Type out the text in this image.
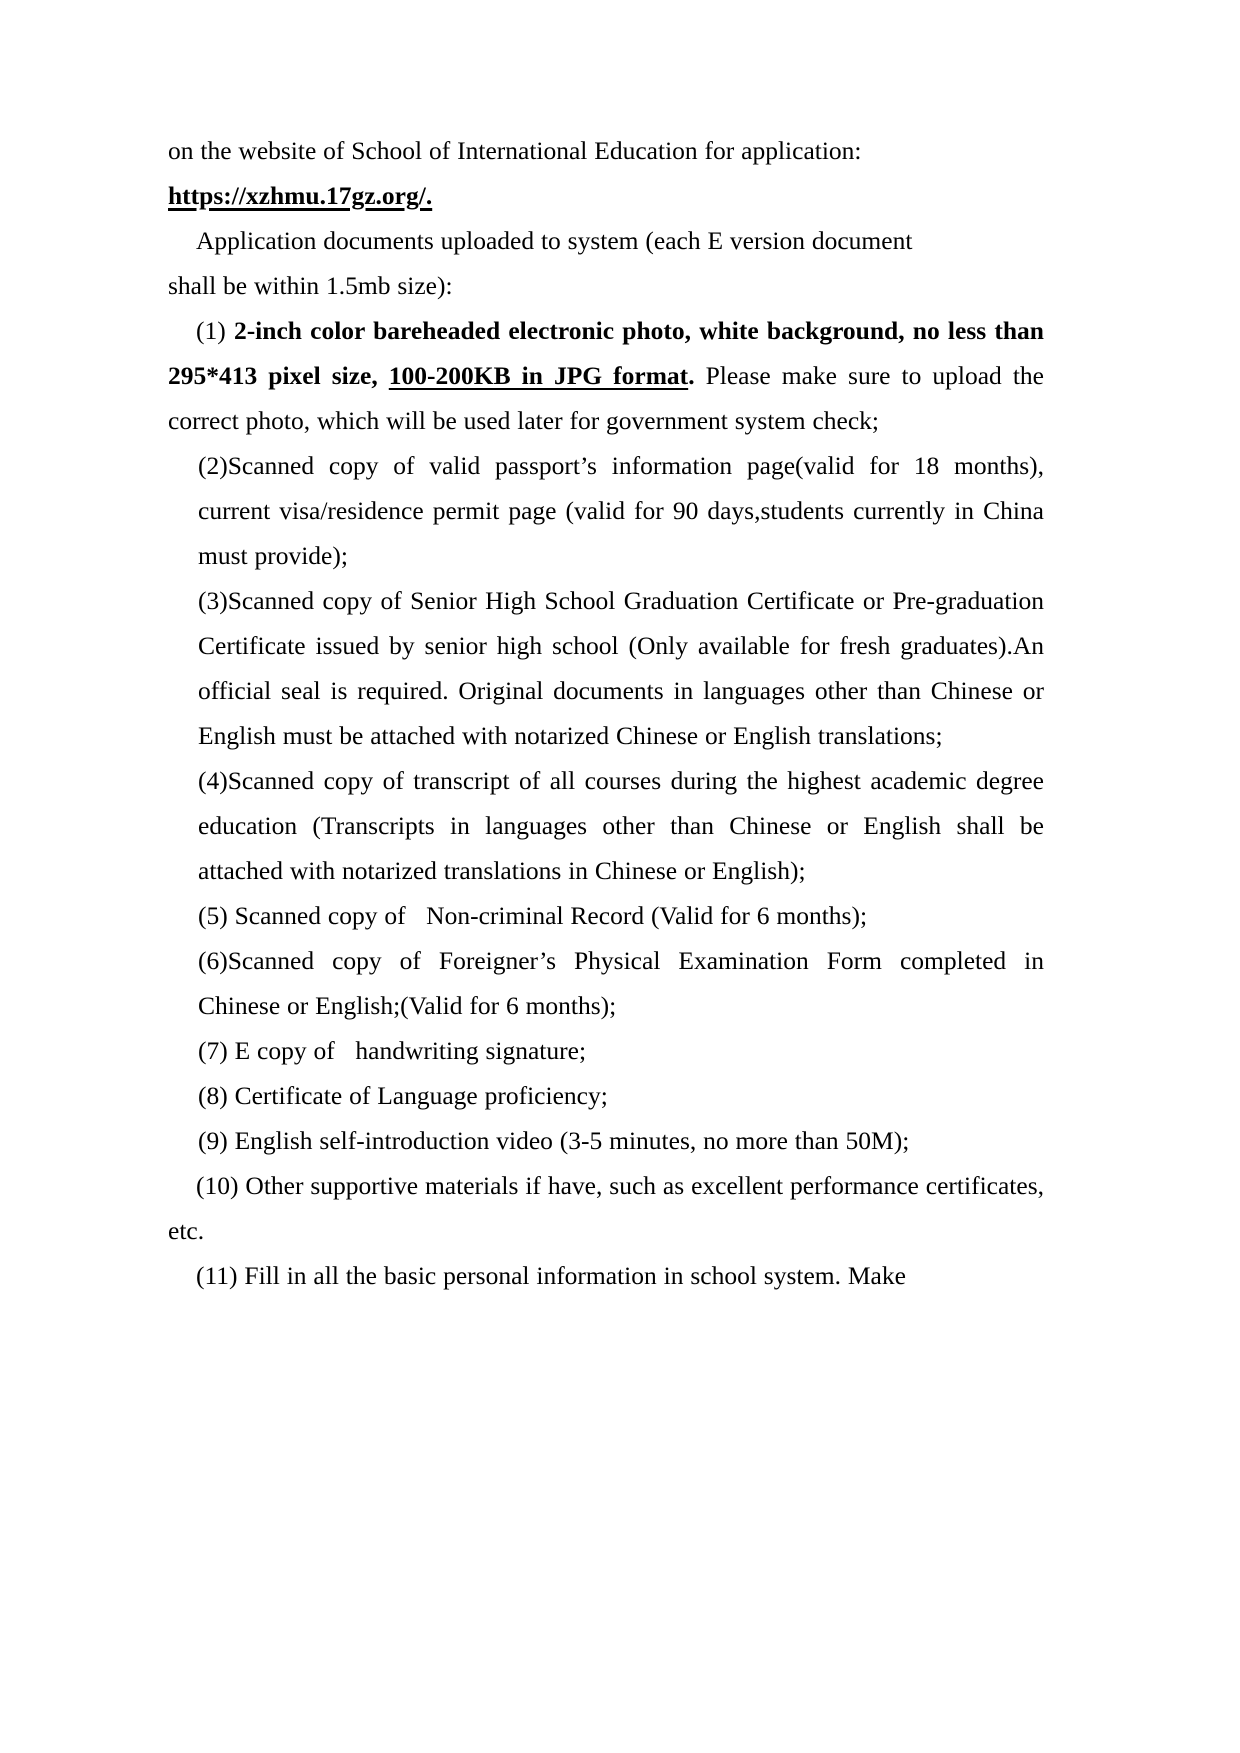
on the website of School of International Education for application:

https://xzhmu.17gz.org/.

Application documents uploaded to system (each E version document

shall be within 1.5mb size):

(1) 2-inch color bareheaded electronic photo, white background, no less than 295*413 pixel size, 100-200KB in JPG format. Please make sure to upload the correct photo, which will be used later for government system check;

(2)Scanned copy of valid passport’s information page(valid for 18 months), current visa/residence permit page (valid for 90 days,students currently in China must provide);

(3)Scanned copy of Senior High School Graduation Certificate or Pre-graduation Certificate issued by senior high school (Only available for fresh graduates).An official seal is required. Original documents in languages other than Chinese or English must be attached with notarized Chinese or English translations;

(4)Scanned copy of transcript of all courses during the highest academic degree education (Transcripts in languages other than Chinese or English shall be attached with notarized translations in Chinese or English);

(5) Scanned copy of   Non-criminal Record (Valid for 6 months);

(6)Scanned copy of Foreigner’s Physical Examination Form completed in Chinese or English;(Valid for 6 months);

(7) E copy of   handwriting signature;

(8) Certificate of Language proficiency;

(9) English self-introduction video (3-5 minutes, no more than 50M);

(10) Other supportive materials if have, such as excellent performance certificates, etc.

(11) Fill in all the basic personal information in school system. Make
